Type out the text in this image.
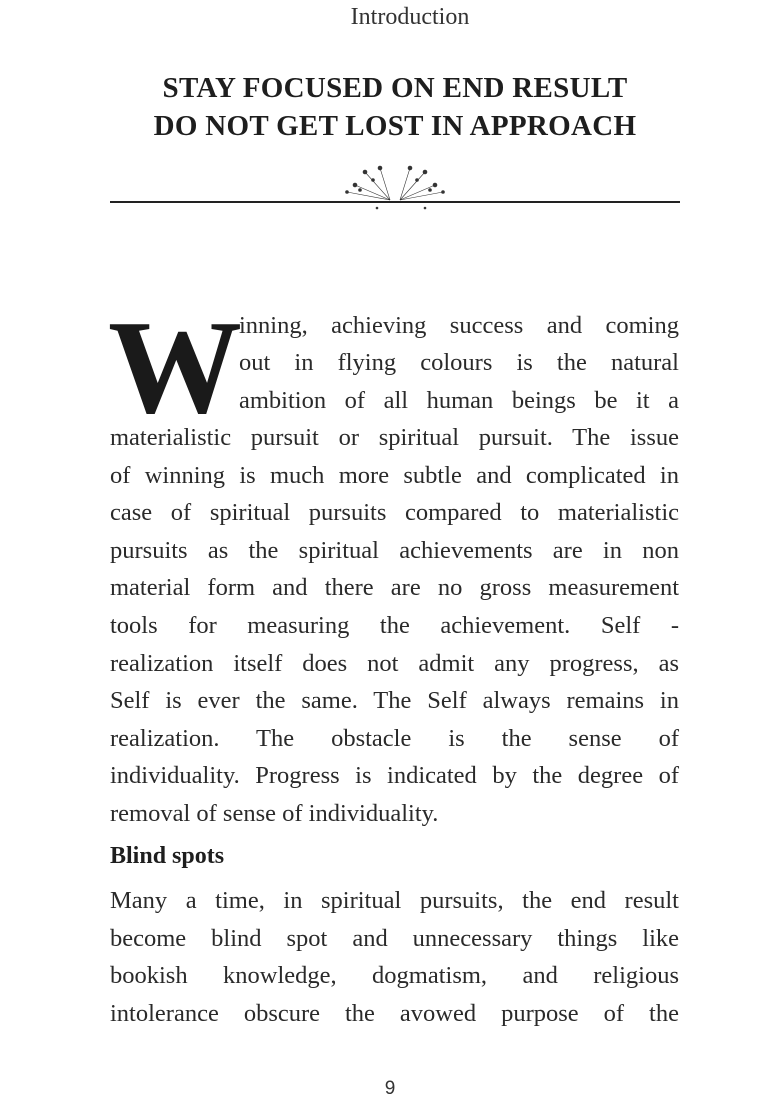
Introduction
STAY FOCUSED ON END RESULT
DO NOT GET LOST IN APPROACH
W
inning, achieving success and coming
out in flying colours is the natural
ambition of all human beings be it a
materialistic pursuit or spiritual pursuit. The issue
of winning is much more subtle and complicated in
case of spiritual pursuits compared to materialistic
pursuits as the spiritual achievements are in non
material form and there are no gross measurement
tools for measuring the achievement. Self -
realization itself does not admit any progress, as
Self is ever the same. The Self always remains in
realization. The obstacle is the sense of
individuality. Progress is indicated by the degree of
removal of sense of individuality.
Blind spots
Many a time, in spiritual pursuits, the end result
become blind spot and unnecessary things like
bookish knowledge, dogmatism, and religious
intolerance obscure the avowed purpose of the
9
